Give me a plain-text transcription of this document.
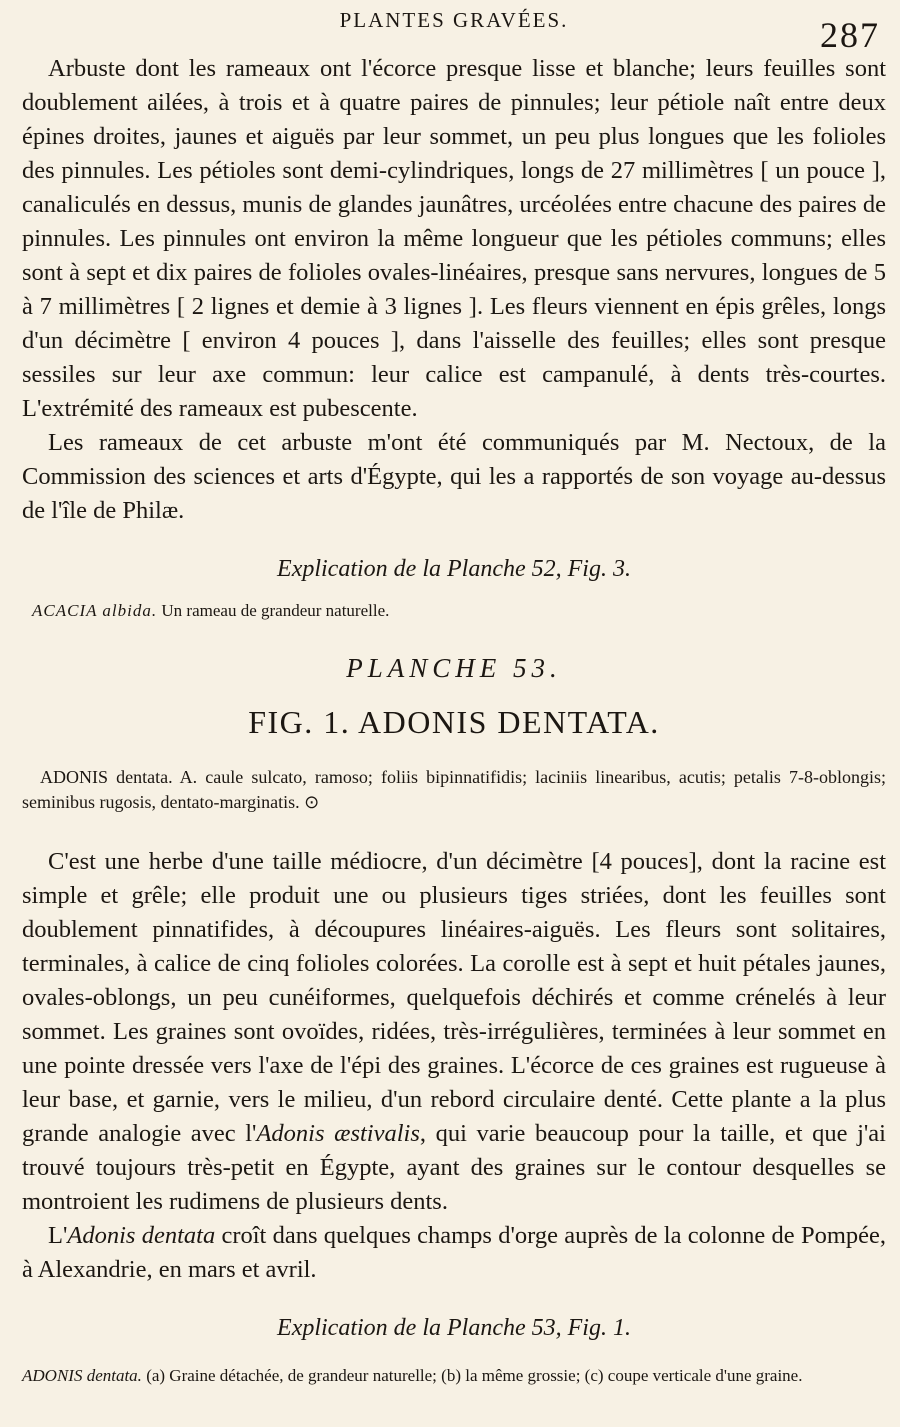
PLANTES GRAVÉES.	287

Arbuste dont les rameaux ont l'écorce presque lisse et blanche; leurs feuilles sont doublement ailées, à trois et à quatre paires de pinnules; leur pétiole naît entre deux épines droites, jaunes et aiguës par leur sommet, un peu plus longues que les folioles des pinnules. Les pétioles sont demi-cylindriques, longs de 27 millimètres [ un pouce ], canaliculés en dessus, munis de glandes jaunâtres, urcéolées entre chacune des paires de pinnules. Les pinnules ont environ la même longueur que les pétioles communs; elles sont à sept et dix paires de folioles ovales-linéaires, presque sans nervures, longues de 5 à 7 millimètres [ 2 lignes et demie à 3 lignes ]. Les fleurs viennent en épis grêles, longs d'un décimètre [ environ 4 pouces ], dans l'aisselle des feuilles; elles sont presque sessiles sur leur axe commun: leur calice est campanulé, à dents très-courtes. L'extrémité des rameaux est pubescente.

Les rameaux de cet arbuste m'ont été communiqués par M. Nectoux, de la Commission des sciences et arts d'Égypte, qui les a rapportés de son voyage au-dessus de l'île de Philæ.

Explication de la Planche 52, Fig. 3.

ACACIA albida. Un rameau de grandeur naturelle.

PLANCHE 53.

FIG. 1. ADONIS DENTATA.

ADONIS dentata. A. caule sulcato, ramoso; foliis bipinnatifidis; laciniis linearibus, acutis; petalis 7-8-oblongis; seminibus rugosis, dentato-marginatis. ⊙

C'est une herbe d'une taille médiocre, d'un décimètre [4 pouces], dont la racine est simple et grêle; elle produit une ou plusieurs tiges striées, dont les feuilles sont doublement pinnatifides, à découpures linéaires-aiguës. Les fleurs sont solitaires, terminales, à calice de cinq folioles colorées. La corolle est à sept et huit pétales jaunes, ovales-oblongs, un peu cunéiformes, quelquefois déchirés et comme crénelés à leur sommet. Les graines sont ovoïdes, ridées, très-irrégulières, terminées à leur sommet en une pointe dressée vers l'axe de l'épi des graines. L'écorce de ces graines est rugueuse à leur base, et garnie, vers le milieu, d'un rebord circulaire denté. Cette plante a la plus grande analogie avec l'Adonis æstivalis, qui varie beaucoup pour la taille, et que j'ai trouvé toujours très-petit en Égypte, ayant des graines sur le contour desquelles se montroient les rudimens de plusieurs dents.

L'Adonis dentata croît dans quelques champs d'orge auprès de la colonne de Pompée, à Alexandrie, en mars et avril.

Explication de la Planche 53, Fig. 1.

ADONIS dentata. (a) Graine détachée, de grandeur naturelle; (b) la même grossie; (c) coupe verticale d'une graine.
